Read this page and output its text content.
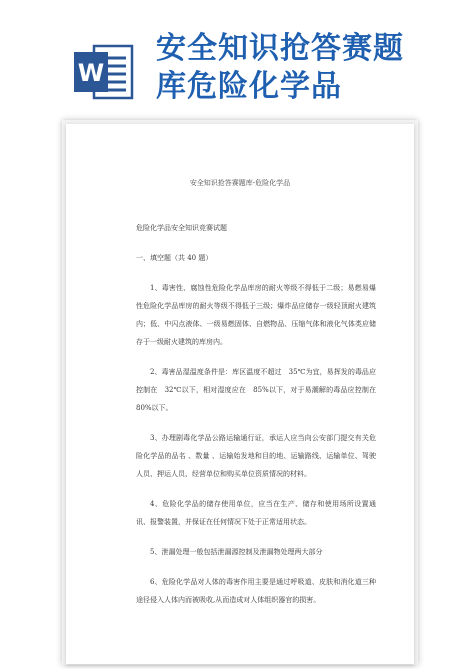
W
安全知识抢答赛题
库危险化学品
安全知识抢答赛题库-危险化学品

危险化学品安全知识竞赛试题

一、填空题（共 40 题）

1、毒害性、腐蚀性危险化学品库房的耐火等级不得低于二级；易燃易爆性危险化学品库房的耐火等级不得低于三级；爆炸品应储存一级轻顶耐火建筑内；低、中闪点液体、一级易燃固体、自燃物品、压缩气体和液化气体类应储存于一级耐火建筑的库房内。

2、毒害品湿温度条件是：库区温度不超过　35℃为宜，易挥发的毒品应控制在　32℃以下，相对湿度应在　85%以下，对于易潮解的毒品应控制在　80%以下。

3、办理剧毒化学品公路运输通行证，承运人应当向公安部门提交有关危险化学品的品名 、数量 、运输始发地和目的地、运输路线、运输单位、驾驶人员、押运人员、经营单位和购买单位资质情况的材料。

4、危险化学品的储存使用单位，应当在生产、储存和使用场所设置通讯、报警装置，并保证在任何情况下处于正常适用状态。

5、泄漏处理一般包括泄漏源控制及泄漏物处理两大部分

6、危险化学品对人体的毒害作用主要是通过呼吸道、皮肤和消化道三种途径侵入人体内而被吸收,从而造成对人体组织器官的损害。
